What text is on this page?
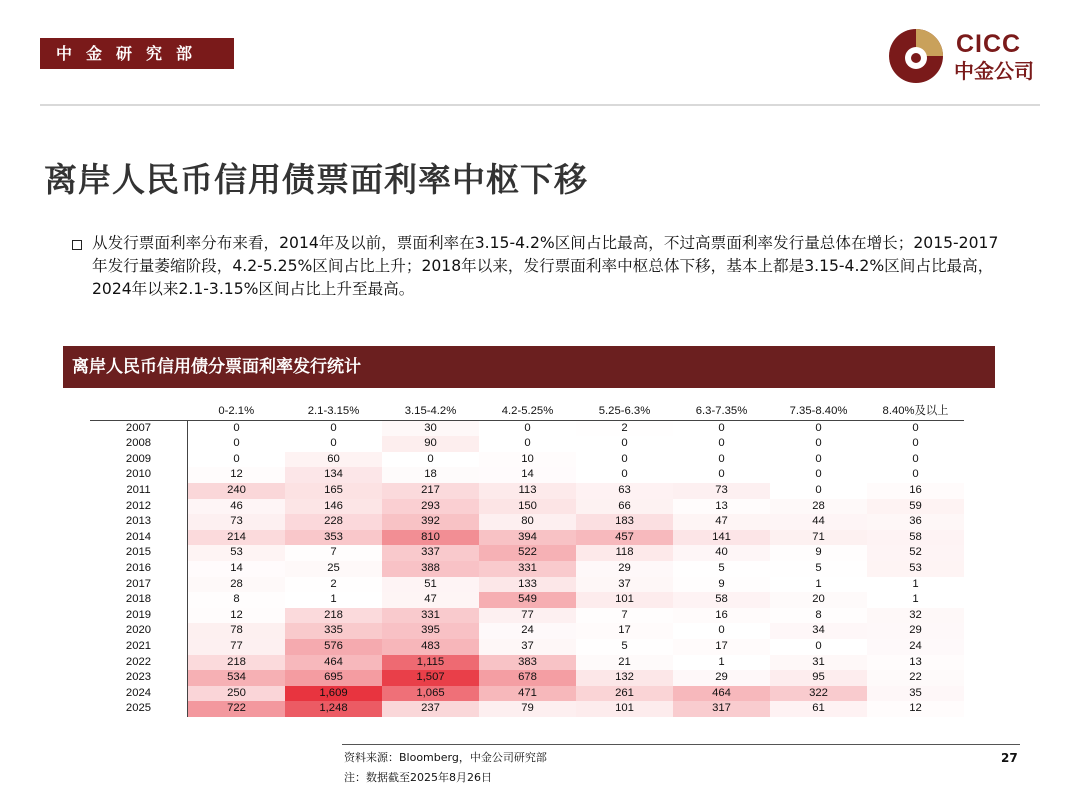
中金研究部	CICC
中金公司
离岸人民币信用债票面利率中枢下移
从发行票面利率分布来看，2014年及以前，票面利率在3.15-4.2%区间占比最高，不过高票面利率发行量总体在增长；2015-2017年发行量萎缩阶段，4.2-5.25%区间占比上升；2018年以来，发行票面利率中枢总体下移，基本上都是3.15-4.2%区间占比最高，2024年以来2.1-3.15%区间占比上升至最高。
离岸人民币信用债分票面利率发行统计
	0-2.1%	2.1-3.15%	3.15-4.2%	4.2-5.25%	5.25-6.3%	6.3-7.35%	7.35-8.40%	8.40%及以上
2007	0	0	30	0	2	0	0	0
2008	0	0	90	0	0	0	0	0
2009	0	60	0	10	0	0	0	0
2010	12	134	18	14	0	0	0	0
2011	240	165	217	113	63	73	0	16
2012	46	146	293	150	66	13	28	59
2013	73	228	392	80	183	47	44	36
2014	214	353	810	394	457	141	71	58
2015	53	7	337	522	118	40	9	52
2016	14	25	388	331	29	5	5	53
2017	28	2	51	133	37	9	1	1
2018	8	1	47	549	101	58	20	1
2019	12	218	331	77	7	16	8	32
2020	78	335	395	24	17	0	34	29
2021	77	576	483	37	5	17	0	24
2022	218	464	1,115	383	21	1	31	13
2023	534	695	1,507	678	132	29	95	22
2024	250	1,609	1,065	471	261	464	322	35
2025	722	1,248	237	79	101	317	61	12
资料来源：Bloomberg，中金公司研究部
注：数据截至2025年8月26日
27
